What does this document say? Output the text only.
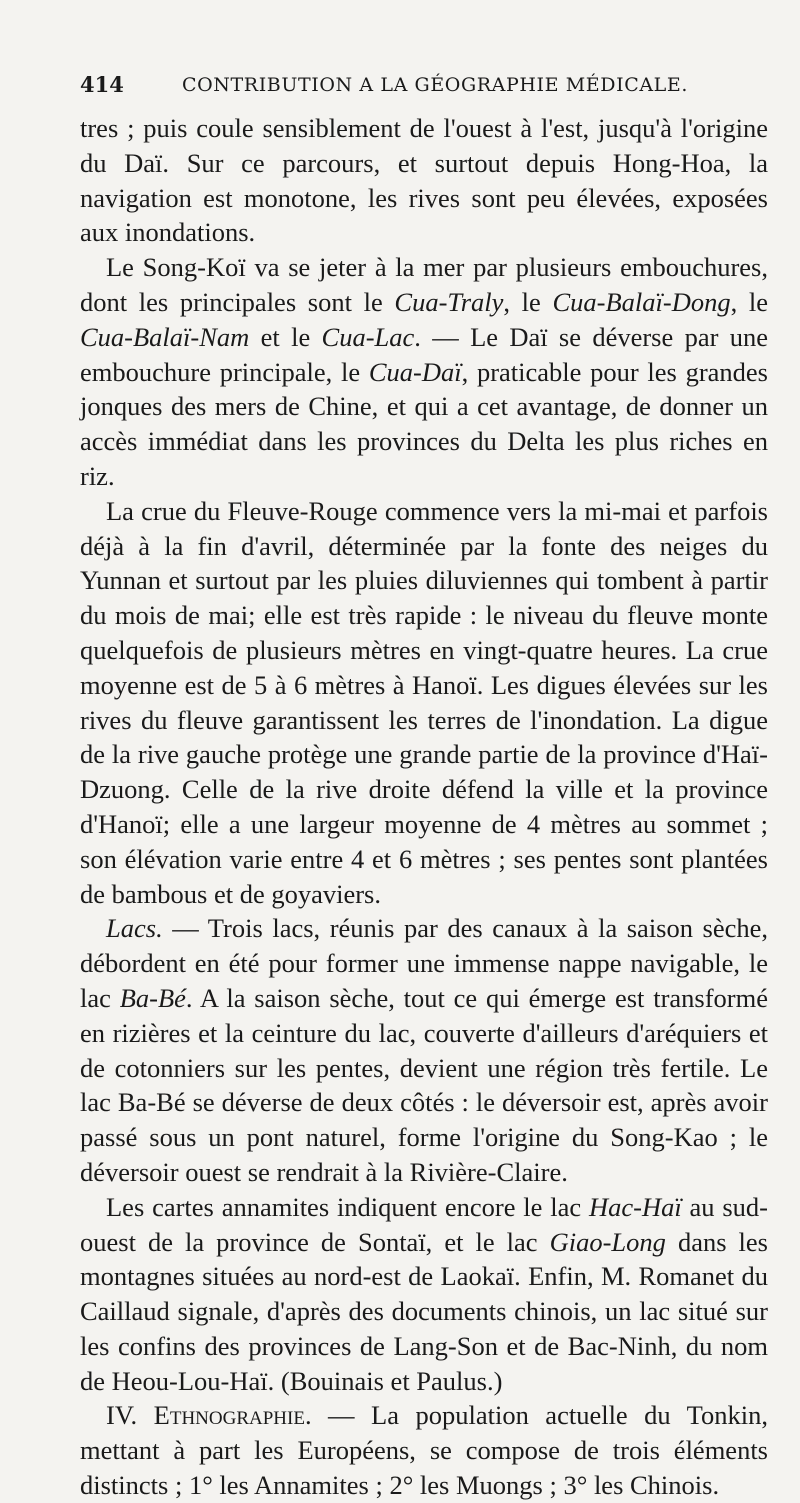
414	CONTRIBUTION A LA GÉOGRAPHIE MÉDICALE.

tres ; puis coule sensiblement de l'ouest à l'est, jusqu'à l'origine du Daï. Sur ce parcours, et surtout depuis Hong-Hoa, la navigation est monotone, les rives sont peu élevées, exposées aux inondations.

Le Song-Koï va se jeter à la mer par plusieurs embouchures, dont les principales sont le Cua-Traly, le Cua-Balaï-Dong, le Cua-Balaï-Nam et le Cua-Lac. — Le Daï se déverse par une embouchure principale, le Cua-Daï, praticable pour les grandes jonques des mers de Chine, et qui a cet avantage, de donner un accès immédiat dans les provinces du Delta les plus riches en riz.

La crue du Fleuve-Rouge commence vers la mi-mai et parfois déjà à la fin d'avril, déterminée par la fonte des neiges du Yunnan et surtout par les pluies diluviennes qui tombent à partir du mois de mai; elle est très rapide : le niveau du fleuve monte quelquefois de plusieurs mètres en vingt-quatre heures. La crue moyenne est de 5 à 6 mètres à Hanoï. Les digues élevées sur les rives du fleuve garantissent les terres de l'inondation. La digue de la rive gauche protège une grande partie de la province d'Haï-Dzuong. Celle de la rive droite défend la ville et la province d'Hanoï; elle a une largeur moyenne de 4 mètres au sommet ; son élévation varie entre 4 et 6 mètres ; ses pentes sont plantées de bambous et de goyaviers.

Lacs. — Trois lacs, réunis par des canaux à la saison sèche, débordent en été pour former une immense nappe navigable, le lac Ba-Bé. A la saison sèche, tout ce qui émerge est transformé en rizières et la ceinture du lac, couverte d'ailleurs d'aréquiers et de cotonniers sur les pentes, devient une région très fertile. Le lac Ba-Bé se déverse de deux côtés : le déversoir est, après avoir passé sous un pont naturel, forme l'origine du Song-Kao ; le déversoir ouest se rendrait à la Rivière-Claire.

Les cartes annamites indiquent encore le lac Hac-Haï au sud-ouest de la province de Sontaï, et le lac Giao-Long dans les montagnes situées au nord-est de Laokaï. Enfin, M. Romanet du Caillaud signale, d'après des documents chinois, un lac situé sur les confins des provinces de Lang-Son et de Bac-Ninh, du nom de Heou-Lou-Haï. (Bouinais et Paulus.)

IV. Ethnographie. — La population actuelle du Tonkin, mettant à part les Européens, se compose de trois éléments distincts ; 1° les Annamites ; 2° les Muongs ; 3° les Chinois.
